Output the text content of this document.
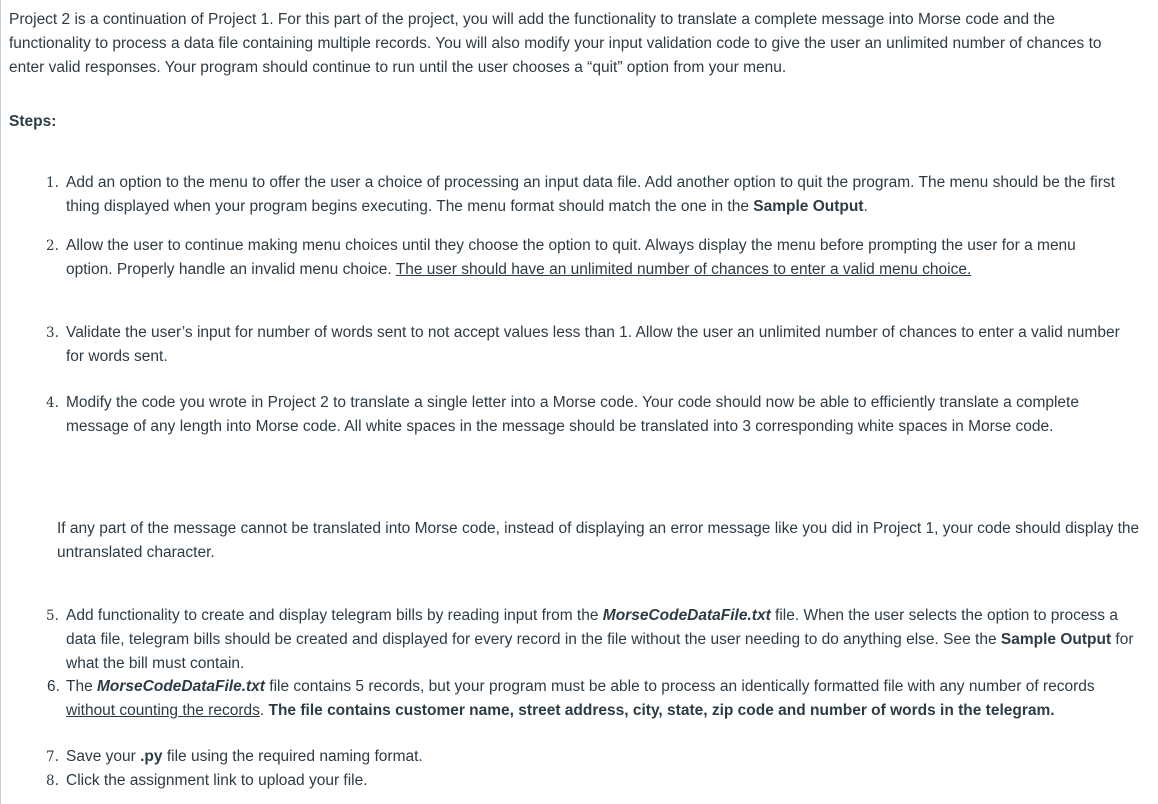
Project 2 is a continuation of Project 1. For this part of the project, you will add the functionality to translate a complete message into Morse code and the functionality to process a data file containing multiple records. You will also modify your input validation code to give the user an unlimited number of chances to enter valid responses. Your program should continue to run until the user chooses a “quit” option from your menu.

Steps:

1. Add an option to the menu to offer the user a choice of processing an input data file. Add another option to quit the program. The menu should be the first thing displayed when your program begins executing. The menu format should match the one in the Sample Output.
2. Allow the user to continue making menu choices until they choose the option to quit. Always display the menu before prompting the user for a menu option. Properly handle an invalid menu choice. The user should have an unlimited number of chances to enter a valid menu choice.
3. Validate the user’s input for number of words sent to not accept values less than 1. Allow the user an unlimited number of chances to enter a valid number for words sent.
4. Modify the code you wrote in Project 2 to translate a single letter into a Morse code. Your code should now be able to efficiently translate a complete message of any length into Morse code. All white spaces in the message should be translated into 3 corresponding white spaces in Morse code.

If any part of the message cannot be translated into Morse code, instead of displaying an error message like you did in Project 1, your code should display the untranslated character.

5. Add functionality to create and display telegram bills by reading input from the MorseCodeDataFile.txt file. When the user selects the option to process a data file, telegram bills should be created and displayed for every record in the file without the user needing to do anything else. See the Sample Output for what the bill must contain.
6. The MorseCodeDataFile.txt file contains 5 records, but your program must be able to process an identically formatted file with any number of records without counting the records. The file contains customer name, street address, city, state, zip code and number of words in the telegram.
7. Save your .py file using the required naming format.
8. Click the assignment link to upload your file.
